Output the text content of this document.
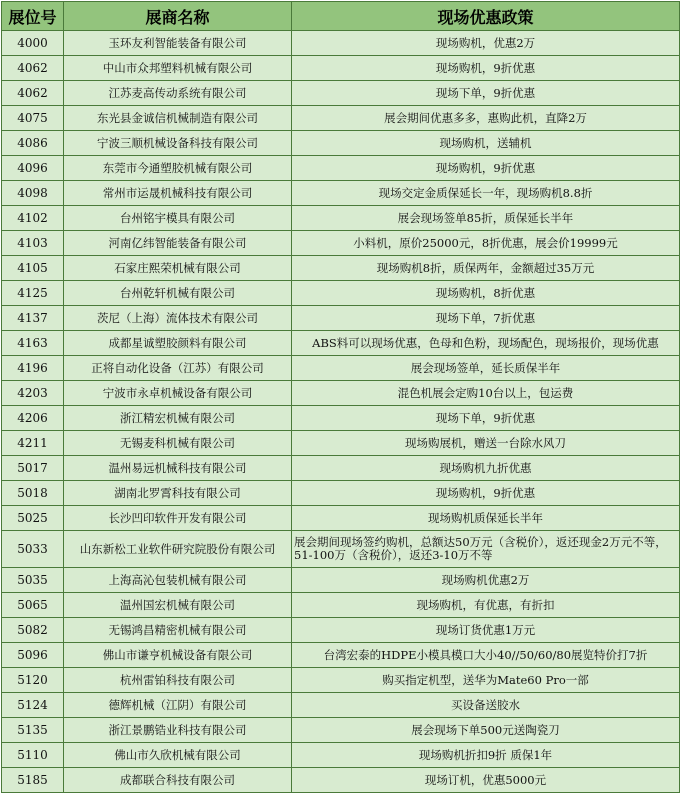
展位号	展商名称	现场优惠政策
4000	玉环友利智能装备有限公司	现场购机，优惠2万
4062	中山市众邦塑料机械有限公司	现场购机，9折优惠
4062	江苏麦高传动系统有限公司	现场下单，9折优惠
4075	东光县金诚信机械制造有限公司	展会期间优惠多多，惠购此机，直降2万
4086	宁波三顺机械设备科技有限公司	现场购机，送辅机
4096	东莞市今通塑胶机械有限公司	现场购机，9折优惠
4098	常州市运晟机械科技有限公司	现场交定金质保延长一年，现场购机8.8折
4102	台州铭宇模具有限公司	展会现场签单85折，质保延长半年
4103	河南亿纬智能装备有限公司	小料机，原价25000元，8折优惠，展会价19999元
4105	石家庄熙荣机械有限公司	现场购机8折，质保两年，金额超过35万元
4125	台州乾轩机械有限公司	现场购机，8折优惠
4137	茨尼（上海）流体技术有限公司	现场下单，7折优惠
4163	成都星诚塑胶颜料有限公司	ABS料可以现场优惠，色母和色粉，现场配色，现场报价，现场优惠
4196	正将自动化设备（江苏）有限公司	展会现场签单，延长质保半年
4203	宁波市永卓机械设备有限公司	混色机展会定购10台以上，包运费
4206	浙江精宏机械有限公司	现场下单，9折优惠
4211	无锡麦科机械有限公司	现场购展机，赠送一台除水风刀
5017	温州易远机械科技有限公司	现场购机九折优惠
5018	湖南北罗霄科技有限公司	现场购机，9折优惠
5025	长沙凹印软件开发有限公司	现场购机质保延长半年
5033	山东新松工业软件研究院股份有限公司	展会期间现场签约购机，总额达50万元（含税价），返还现金2万元不等，51-100万（含税价），返还3-10万不等
5035	上海高沁包装机械有限公司	现场购机优惠2万
5065	温州国宏机械有限公司	现场购机，有优惠，有折扣
5082	无锡鸿昌精密机械有限公司	现场订货优惠1万元
5096	佛山市谦亨机械设备有限公司	台湾宏泰的HDPE小模具模口大小40//50/60/80展览特价打7折
5120	杭州雷铂科技有限公司	购买指定机型，送华为Mate60 Pro一部
5124	德辉机械（江阴）有限公司	买设备送胶水
5135	浙江景鹏锆业科技有限公司	展会现场下单500元送陶瓷刀
5110	佛山市久欣机械有限公司	现场购机折扣9折 质保1年
5185	成都联合科技有限公司	现场订机，优惠5000元
